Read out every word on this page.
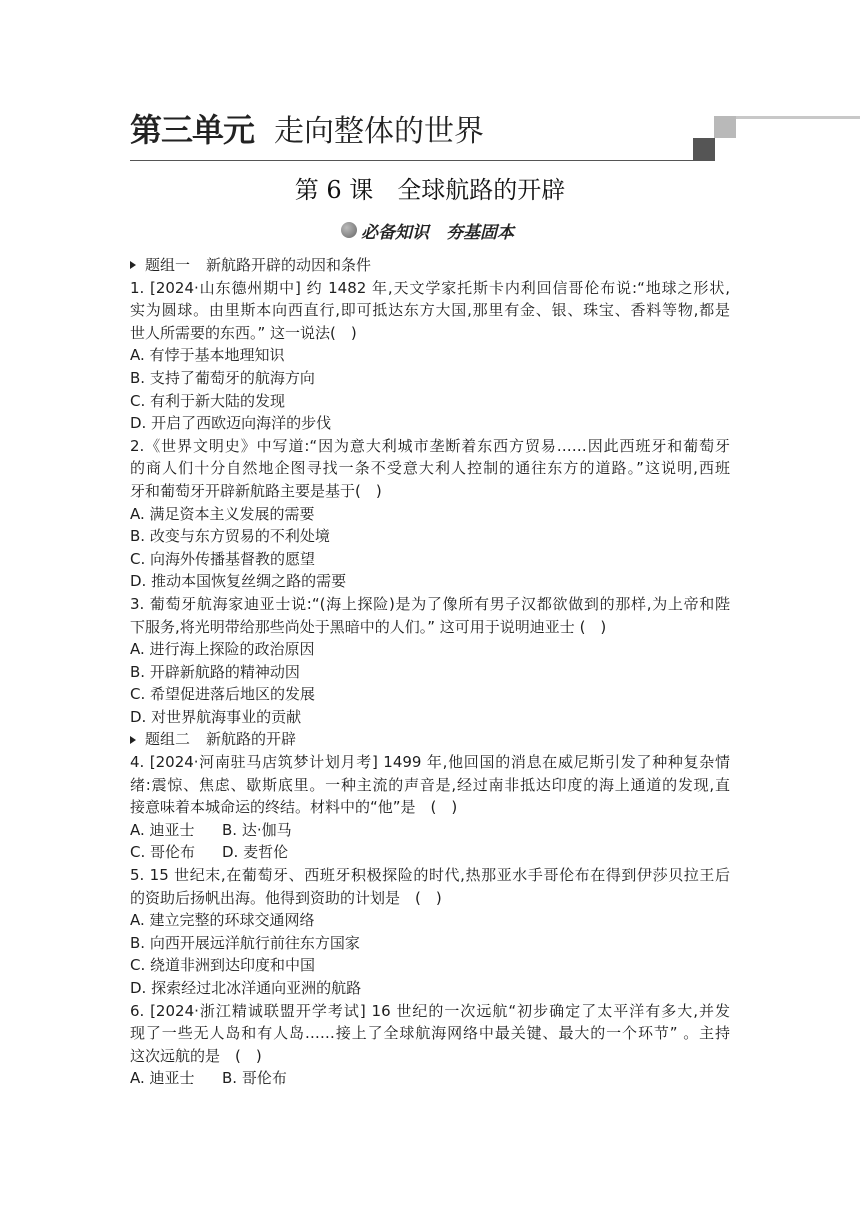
第三单元 走向整体的世界
第 6 课　全球航路的开辟
必备知识　夯基固本
题组一 新航路开辟的动因和条件
1. [2024·山东德州期中] 约 1482 年,天文学家托斯卡内利回信哥伦布说:“地球之形状,
实为圆球。由里斯本向西直行,即可抵达东方大国,那里有金、银、珠宝、香料等物,都是
世人所需要的东西。” 这一说法(　)
A. 有悖于基本地理知识
B. 支持了葡萄牙的航海方向
C. 有利于新大陆的发现
D. 开启了西欧迈向海洋的步伐
2.《世界文明史》中写道:“因为意大利城市垄断着东西方贸易……因此西班牙和葡萄牙
的商人们十分自然地企图寻找一条不受意大利人控制的通往东方的道路。”这说明,西班
牙和葡萄牙开辟新航路主要是基于(　)
A. 满足资本主义发展的需要
B. 改变与东方贸易的不利处境
C. 向海外传播基督教的愿望
D. 推动本国恢复丝绸之路的需要
3. 葡萄牙航海家迪亚士说:“(海上探险)是为了像所有男子汉都欲做到的那样,为上帝和陛
下服务,将光明带给那些尚处于黑暗中的人们。” 这可用于说明迪亚士 (　)
A. 进行海上探险的政治原因
B. 开辟新航路的精神动因
C. 希望促进落后地区的发展
D. 对世界航海事业的贡献
题组二 新航路的开辟
4. [2024·河南驻马店筑梦计划月考] 1499 年,他回国的消息在威尼斯引发了种种复杂情
绪:震惊、焦虑、歇斯底里。一种主流的声音是,经过南非抵达印度的海上通道的发现,直
接意味着本城命运的终结。材料中的“他”是　(　)
A. 迪亚士 B. 达·伽马
C. 哥伦布 D. 麦哲伦
5. 15 世纪末,在葡萄牙、西班牙积极探险的时代,热那亚水手哥伦布在得到伊莎贝拉王后
的资助后扬帆出海。他得到资助的计划是　(　)
A. 建立完整的环球交通网络
B. 向西开展远洋航行前往东方国家
C. 绕道非洲到达印度和中国
D. 探索经过北冰洋通向亚洲的航路
6. [2024·浙江精诚联盟开学考试] 16 世纪的一次远航“初步确定了太平洋有多大,并发
现了一些无人岛和有人岛……接上了全球航海网络中最关键、最大的一个环节” 。主持
这次远航的是　(　)
A. 迪亚士 B. 哥伦布
